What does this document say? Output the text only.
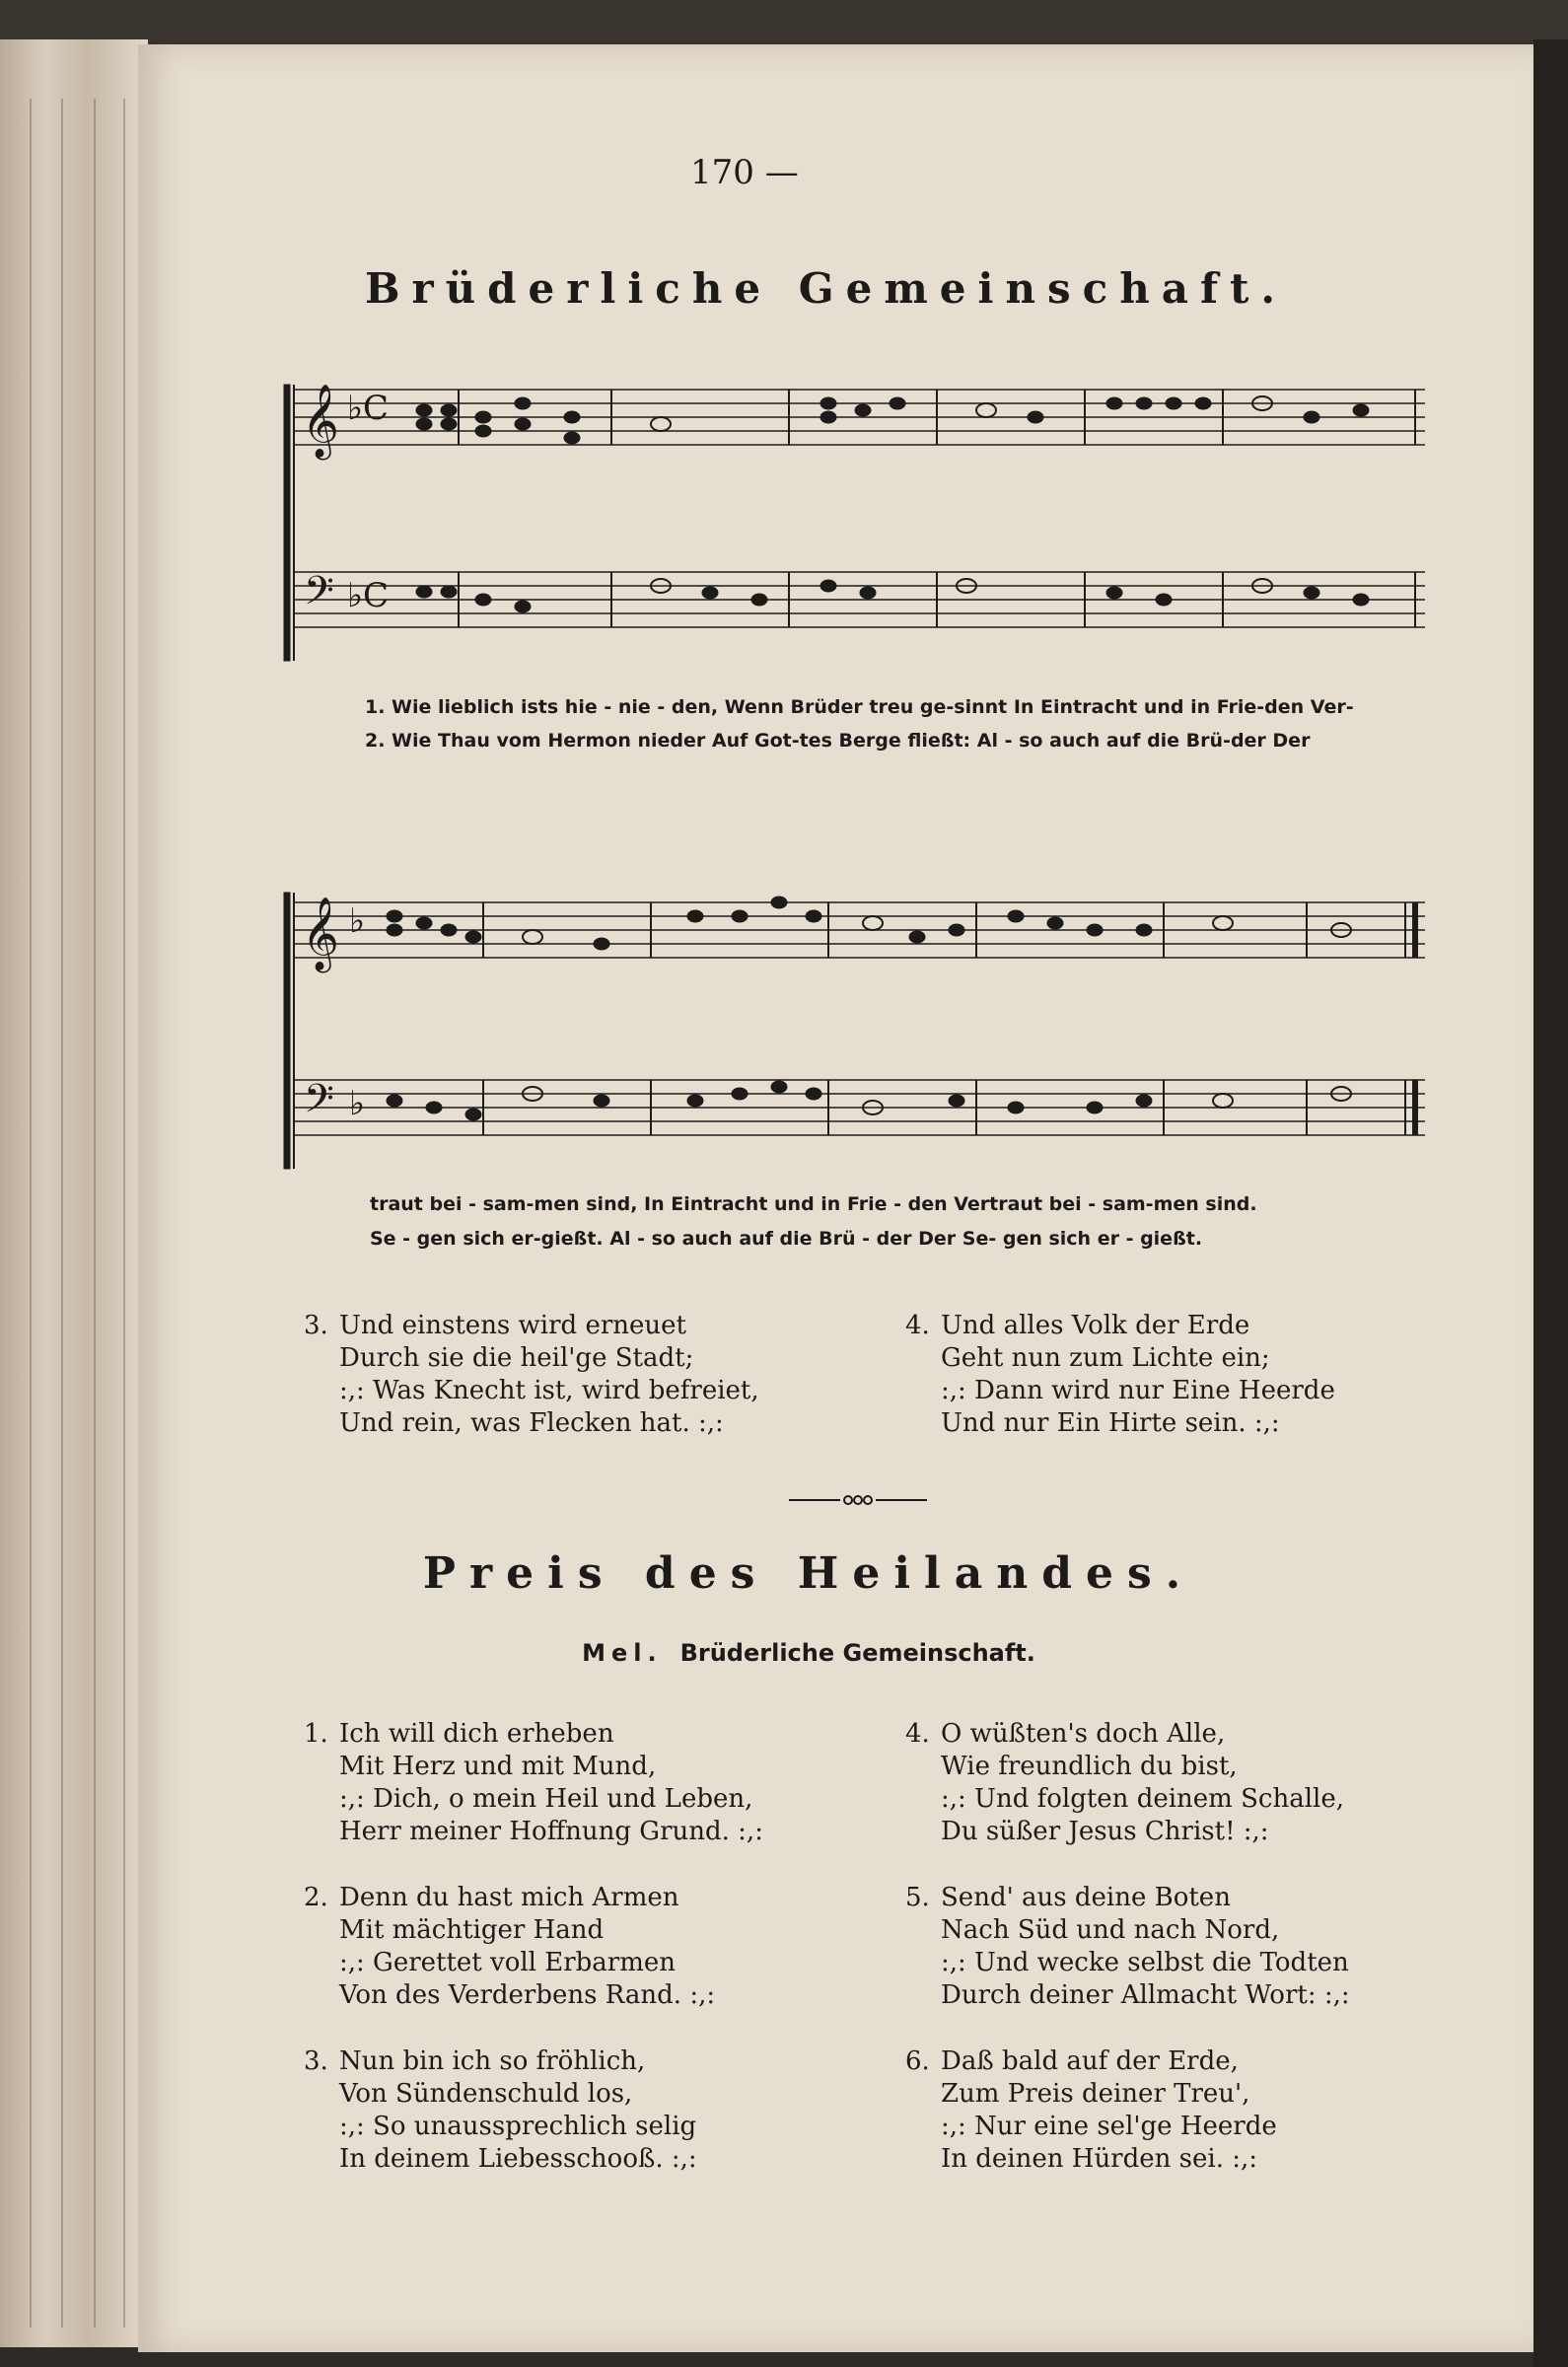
170 —
Brüderliche Gemeinschaft.
𝄞
𝄢
♭C
♭C
𝄞
𝄢
♭
♭
1. Wie lieblich ists hie - nie - den, Wenn Brüder treu ge-sinnt In Eintracht und in Frie-den Ver-
2. Wie Thau vom Hermon nieder Auf Got-tes Berge fließt: Al - so auch auf die Brü-der Der
traut bei - sam-men sind, In Eintracht und in Frie - den Vertraut bei - sam-men sind.
Se - gen sich er-gießt. Al - so auch auf die Brü - der Der Se- gen sich er - gießt.
3. Und einstens wird erneuet
Durch sie die heil'ge Stadt;
:,: Was Knecht ist, wird befreiet,
Und rein, was Flecken hat. :,:
4. Und alles Volk der Erde
Geht nun zum Lichte ein;
:,: Dann wird nur Eine Heerde
Und nur Ein Hirte sein. :,:
Preis des Heilandes.
Mel. Brüderliche Gemeinschaft.
1. Ich will dich erheben
Mit Herz und mit Mund,
:,: Dich, o mein Heil und Leben,
Herr meiner Hoffnung Grund. :,:
4. O wüßten's doch Alle,
Wie freundlich du bist,
:,: Und folgten deinem Schalle,
Du süßer Jesus Christ! :,:
2. Denn du hast mich Armen
Mit mächtiger Hand
:,: Gerettet voll Erbarmen
Von des Verderbens Rand. :,:
5. Send' aus deine Boten
Nach Süd und nach Nord,
:,: Und wecke selbst die Todten
Durch deiner Allmacht Wort: :,:
3. Nun bin ich so fröhlich,
Von Sündenschuld los,
:,: So unaussprechlich selig
In deinem Liebesschooß. :,:
6. Daß bald auf der Erde,
Zum Preis deiner Treu',
:,: Nur eine sel'ge Heerde
In deinen Hürden sei. :,:
